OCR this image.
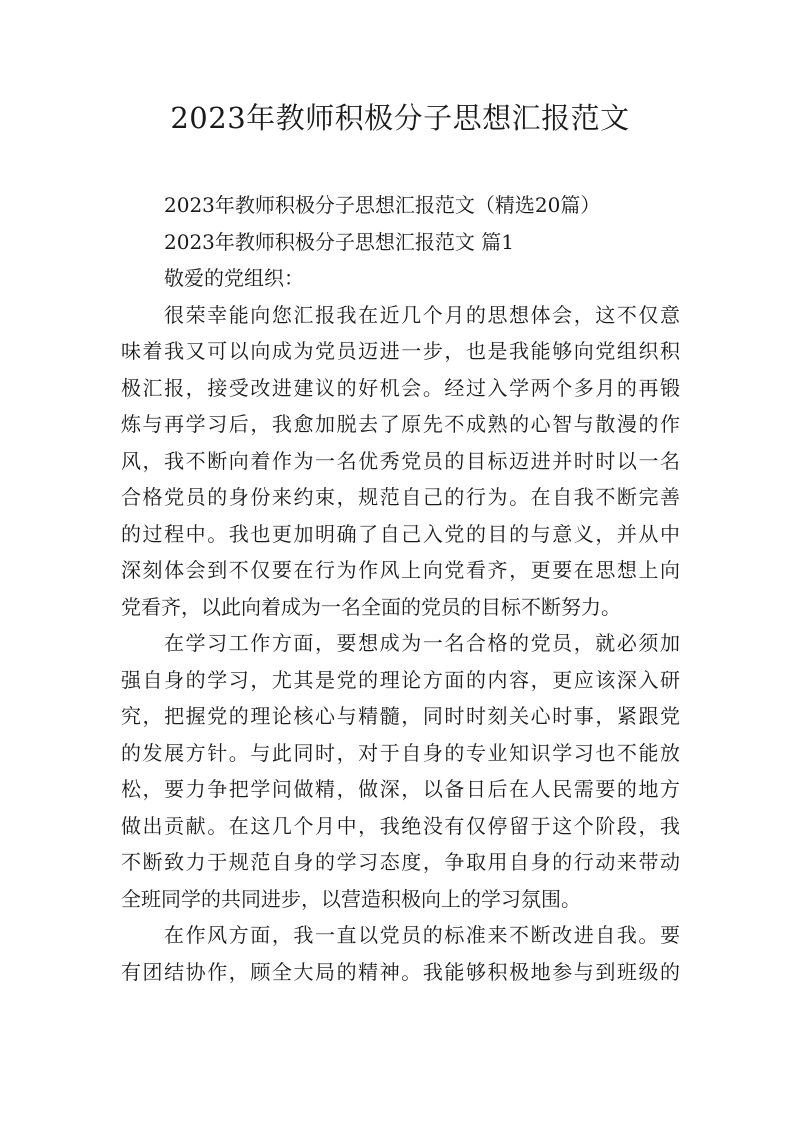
2023年教师积极分子思想汇报范文
2023年教师积极分子思想汇报范文（精选20篇）
2023年教师积极分子思想汇报范文 篇1
敬爱的党组织：
很荣幸能向您汇报我在近几个月的思想体会，这不仅意
味着我又可以向成为党员迈进一步，也是我能够向党组织积
极汇报，接受改进建议的好机会。经过入学两个多月的再锻
炼与再学习后，我愈加脱去了原先不成熟的心智与散漫的作
风，我不断向着作为一名优秀党员的目标迈进并时时以一名
合格党员的身份来约束，规范自己的行为。在自我不断完善
的过程中。我也更加明确了自己入党的目的与意义，并从中
深刻体会到不仅要在行为作风上向党看齐，更要在思想上向
党看齐，以此向着成为一名全面的党员的目标不断努力。
在学习工作方面，要想成为一名合格的党员，就必须加
强自身的学习，尤其是党的理论方面的内容，更应该深入研
究，把握党的理论核心与精髓，同时时刻关心时事，紧跟党
的发展方针。与此同时，对于自身的专业知识学习也不能放
松，要力争把学问做精，做深，以备日后在人民需要的地方
做出贡献。在这几个月中，我绝没有仅停留于这个阶段，我
不断致力于规范自身的学习态度，争取用自身的行动来带动
全班同学的共同进步，以营造积极向上的学习氛围。
在作风方面，我一直以党员的标准来不断改进自我。要
有团结协作，顾全大局的精神。我能够积极地参与到班级的
